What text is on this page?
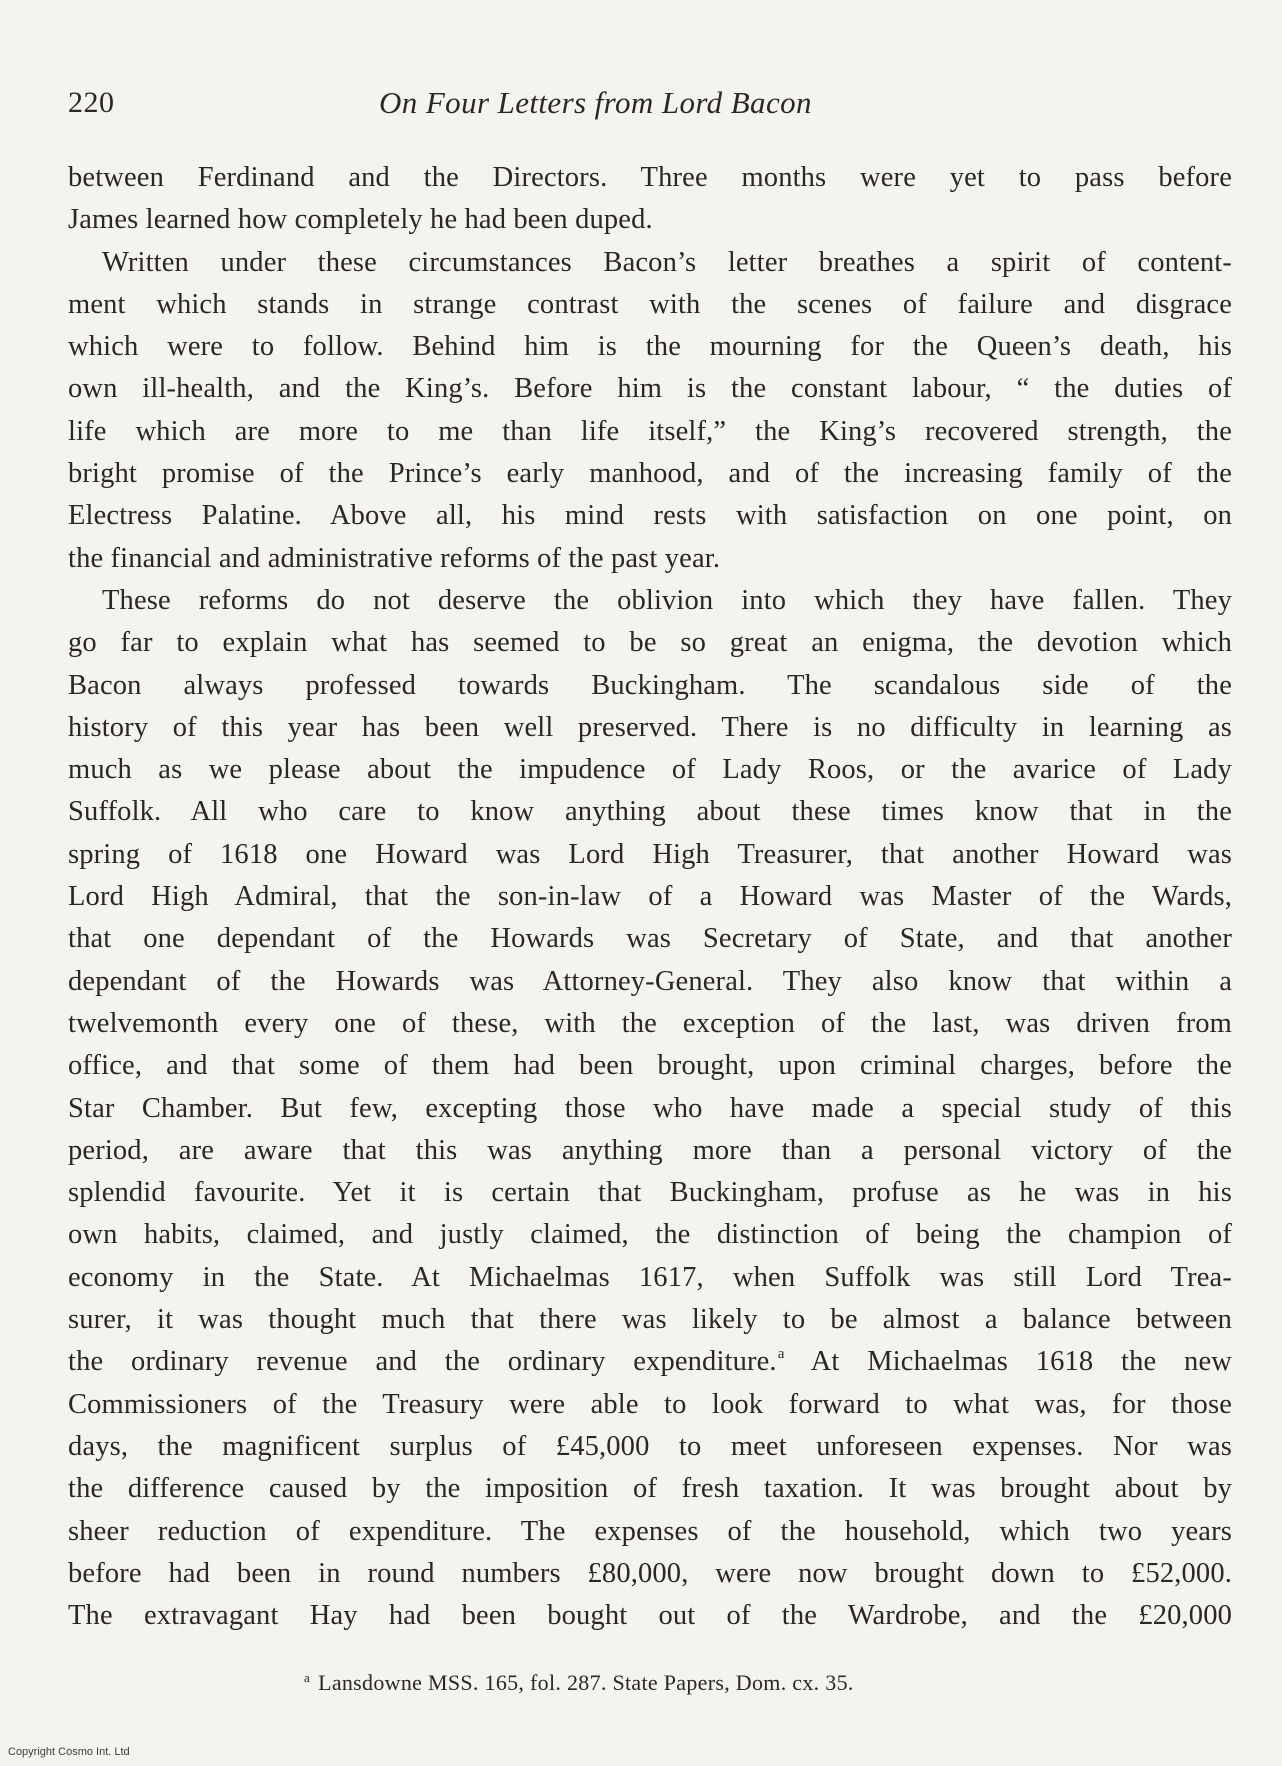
220	On Four Letters from Lord Bacon
between Ferdinand and the Directors. Three months were yet to pass before
James learned how completely he had been duped.
Written under these circumstances Bacon’s letter breathes a spirit of content-
ment which stands in strange contrast with the scenes of failure and disgrace
which were to follow. Behind him is the mourning for the Queen’s death, his
own ill-health, and the King’s. Before him is the constant labour, “ the duties of
life which are more to me than life itself,” the King’s recovered strength, the
bright promise of the Prince’s early manhood, and of the increasing family of the
Electress Palatine. Above all, his mind rests with satisfaction on one point, on
the financial and administrative reforms of the past year.
These reforms do not deserve the oblivion into which they have fallen. They
go far to explain what has seemed to be so great an enigma, the devotion which
Bacon always professed towards Buckingham. The scandalous side of the
history of this year has been well preserved. There is no difficulty in learning as
much as we please about the impudence of Lady Roos, or the avarice of Lady
Suffolk. All who care to know anything about these times know that in the
spring of 1618 one Howard was Lord High Treasurer, that another Howard was
Lord High Admiral, that the son-in-law of a Howard was Master of the Wards,
that one dependant of the Howards was Secretary of State, and that another
dependant of the Howards was Attorney-General. They also know that within a
twelvemonth every one of these, with the exception of the last, was driven from
office, and that some of them had been brought, upon criminal charges, before the
Star Chamber. But few, excepting those who have made a special study of this
period, are aware that this was anything more than a personal victory of the
splendid favourite. Yet it is certain that Buckingham, profuse as he was in his
own habits, claimed, and justly claimed, the distinction of being the champion of
economy in the State. At Michaelmas 1617, when Suffolk was still Lord Trea-
surer, it was thought much that there was likely to be almost a balance between
the ordinary revenue and the ordinary expenditure.$^a$ At Michaelmas 1618 the new
Commissioners of the Treasury were able to look forward to what was, for those
days, the magnificent surplus of £45,000 to meet unforeseen expenses. Nor was
the difference caused by the imposition of fresh taxation. It was brought about by
sheer reduction of expenditure. The expenses of the household, which two years
before had been in round numbers £80,000, were now brought down to £52,000.
The extravagant Hay had been bought out of the Wardrobe, and the £20,000
$^a$ Lansdowne MSS. 165, fol. 287. State Papers, Dom. cx. 35.
Copyright Cosmo Int. Ltd
